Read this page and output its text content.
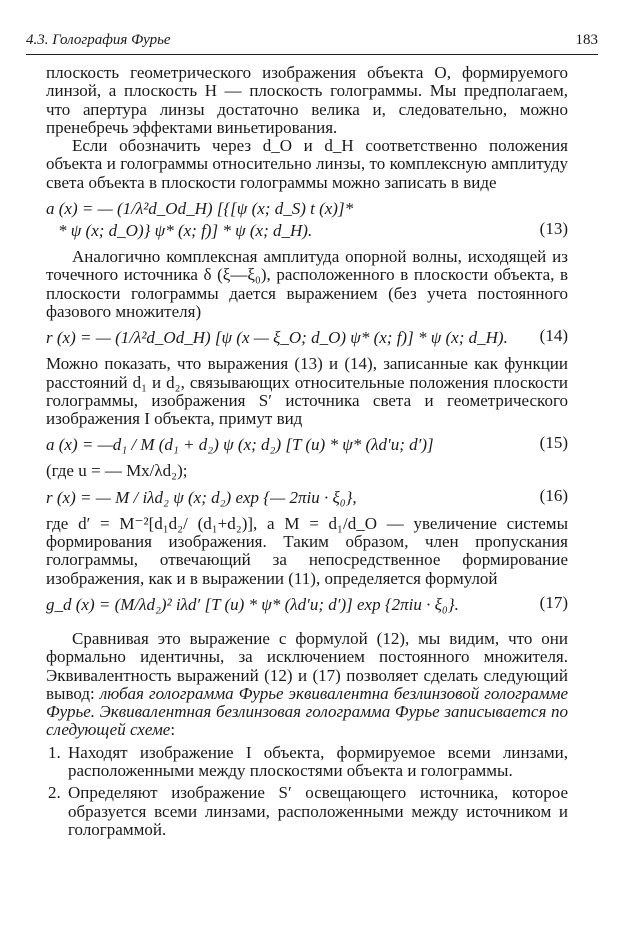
4.3. Голография Фурье	183

плоскость геометрического изображения объекта O, формируемого линзой, а плоскость H — плоскость голограммы. Мы предполагаем, что апертура линзы достаточно велика и, следовательно, можно пренебречь эффектами виньетирования.

Если обозначить через d_O и d_H соответственно положения объекта и голограммы относительно линзы, то комплексную амплитуду света объекта в плоскости голограммы можно записать в виде

a (x) = — (1/λ²d_Od_H) [{[ψ (x; d_S) t (x)]*
* ψ (x; d_O)} ψ* (x; f)] * ψ (x; d_H).	(13)

Аналогично комплексная амплитуда опорной волны, исходящей из точечного источника δ (ξ—ξ₀), расположенного в плоскости объекта, в плоскости голограммы дается выражением (без учета постоянного фазового множителя)

r (x) = — (1/λ²d_Od_H) [ψ (x — ξ_O; d_O) ψ* (x; f)] * ψ (x; d_H). (14)

Можно показать, что выражения (13) и (14), записанные как функции расстояний d₁ и d₂, связывающих относительные положения плоскости голограммы, изображения S′ источника света и геометрического изображения I объекта, примут вид

a (x) = —d₁ / M (d₁ + d₂) ψ (x; d₂) [T (u) * ψ* (λd′u; d′)]	(15)

(где u = — Mx/λd₂);

r (x) = — M / iλd₂ ψ (x; d₂) exp {— 2πiu · ξ₀},	(16)

где d′ = M⁻²[d₁d₂/ (d₁+d₂)], а M = d₁/d_O — увеличение системы формирования изображения. Таким образом, член пропускания голограммы, отвечающий за непосредственное формирование изображения, как и в выражении (11), определяется формулой

g_d (x) = (M/λd₂)² iλd′ [T (u) * ψ* (λd′u; d′)] exp {2πiu · ξ₀}.	(17)

Сравнивая это выражение с формулой (12), мы видим, что они формально идентичны, за исключением постоянного множителя. Эквивалентность выражений (12) и (17) позволяет сделать следующий вывод: любая голограмма Фурье эквивалентна безлинзовой голограмме Фурье. Эквивалентная безлинзовая голограмма Фурье записывается по следующей схеме:

1. Находят изображение I объекта, формируемое всеми линзами, расположенными между плоскостями объекта и голограммы.
2. Определяют изображение S′ освещающего источника, которое образуется всеми линзами, расположенными между источником и голограммой.
